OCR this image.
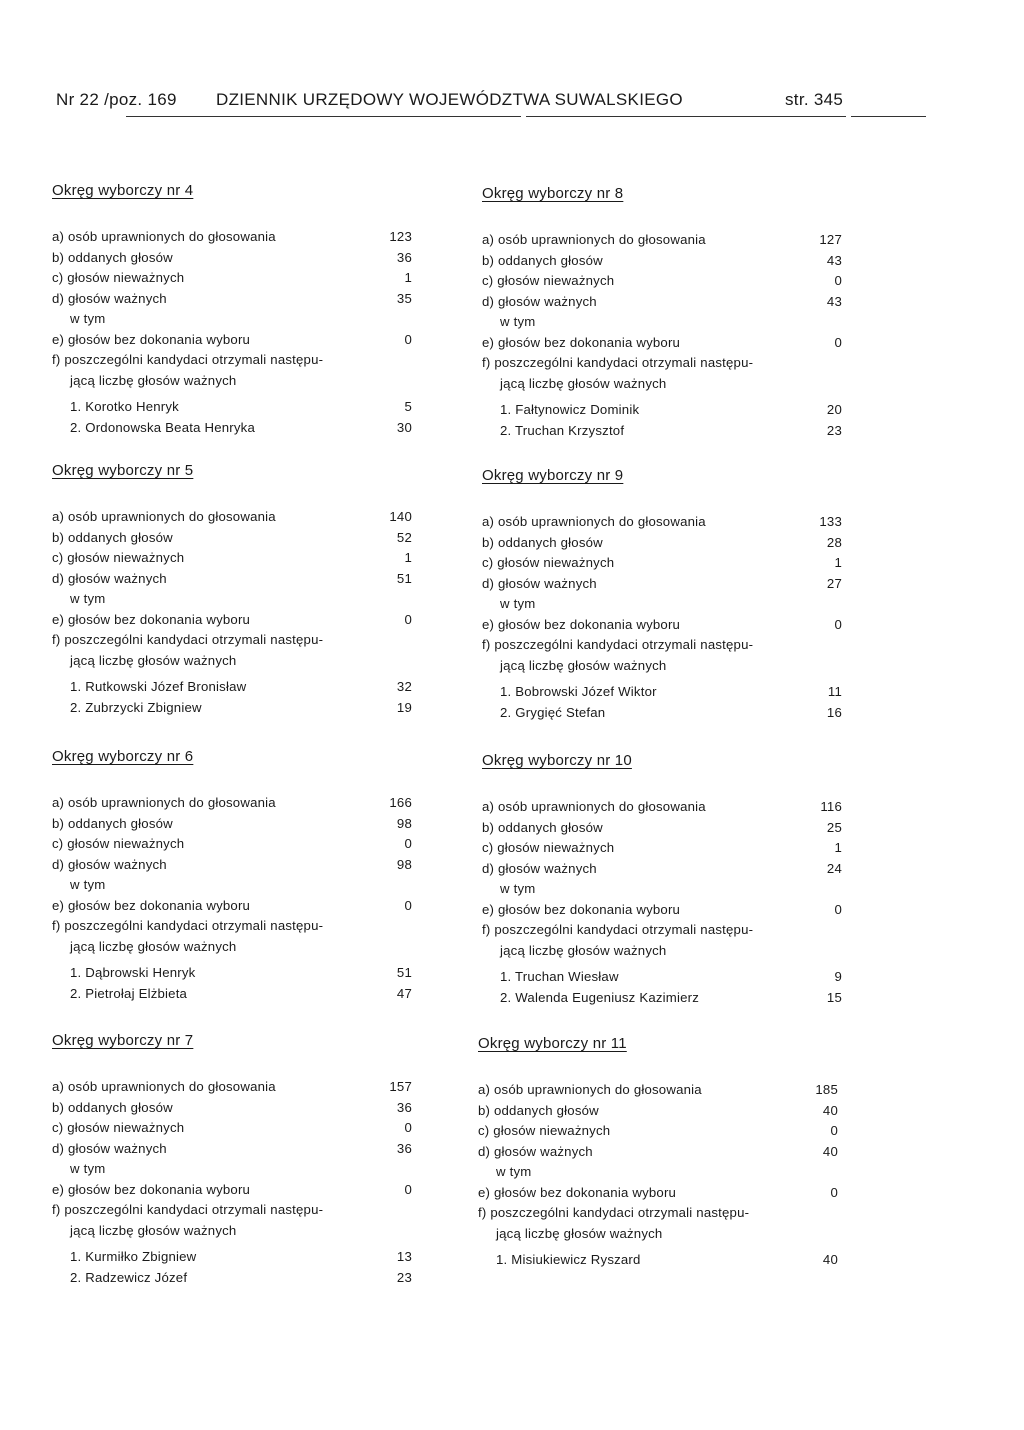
Nr 22 /poz. 169 DZIENNIK URZĘDOWY WOJEWÓDZTWA SUWALSKIEGO	str. 345
Okręg wyborczy nr 4
a) osób uprawnionych do głosowania	123
b) oddanych głosów	36
c) głosów nieważnych	1
d) głosów ważnych	35
w tym
e) głosów bez dokonania wyboru	0
f) poszczególni kandydaci otrzymali następu-
jącą liczbę głosów ważnych
1. Korotko Henryk	5
2. Ordonowska Beata Henryka	30
Okręg wyborczy nr 8
a) osób uprawnionych do głosowania	127
b) oddanych głosów	43
c) głosów nieważnych	0
d) głosów ważnych	43
w tym
e) głosów bez dokonania wyboru	0
f) poszczególni kandydaci otrzymali następu-
jącą liczbę głosów ważnych
1. Fałtynowicz Dominik	20
2. Truchan Krzysztof	23
Okręg wyborczy nr 5
a) osób uprawnionych do głosowania	140
b) oddanych głosów	52
c) głosów nieważnych	1
d) głosów ważnych	51
w tym
e) głosów bez dokonania wyboru	0
f) poszczególni kandydaci otrzymali następu-
jącą liczbę głosów ważnych
1. Rutkowski Józef Bronisław	32
2. Zubrzycki Zbigniew	19
Okręg wyborczy nr 9
a) osób uprawnionych do głosowania	133
b) oddanych głosów	28
c) głosów nieważnych	1
d) głosów ważnych	27
w tym
e) głosów bez dokonania wyboru	0
f) poszczególni kandydaci otrzymali następu-
jącą liczbę głosów ważnych
1. Bobrowski Józef Wiktor	11
2. Grygięć Stefan	16
Okręg wyborczy nr 6
a) osób uprawnionych do głosowania	166
b) oddanych głosów	98
c) głosów nieważnych	0
d) głosów ważnych	98
w tym
e) głosów bez dokonania wyboru	0
f) poszczególni kandydaci otrzymali następu-
jącą liczbę głosów ważnych
1. Dąbrowski Henryk	51
2. Pietrołaj Elżbieta	47
Okręg wyborczy nr 10
a) osób uprawnionych do głosowania	116
b) oddanych głosów	25
c) głosów nieważnych	1
d) głosów ważnych	24
w tym
e) głosów bez dokonania wyboru	0
f) poszczególni kandydaci otrzymali następu-
jącą liczbę głosów ważnych
1. Truchan Wiesław	9
2. Walenda Eugeniusz Kazimierz	15
Okręg wyborczy nr 7
a) osób uprawnionych do głosowania	157
b) oddanych głosów	36
c) głosów nieważnych	0
d) głosów ważnych	36
w tym
e) głosów bez dokonania wyboru	0
f) poszczególni kandydaci otrzymali następu-
jącą liczbę głosów ważnych
1. Kurmiłko Zbigniew	13
2. Radzewicz Józef	23
Okręg wyborczy nr 11
a) osób uprawnionych do głosowania	185
b) oddanych głosów	40
c) głosów nieważnych	0
d) głosów ważnych	40
w tym
e) głosów bez dokonania wyboru	0
f) poszczególni kandydaci otrzymali następu-
jącą liczbę głosów ważnych
1. Misiukiewicz Ryszard	40
